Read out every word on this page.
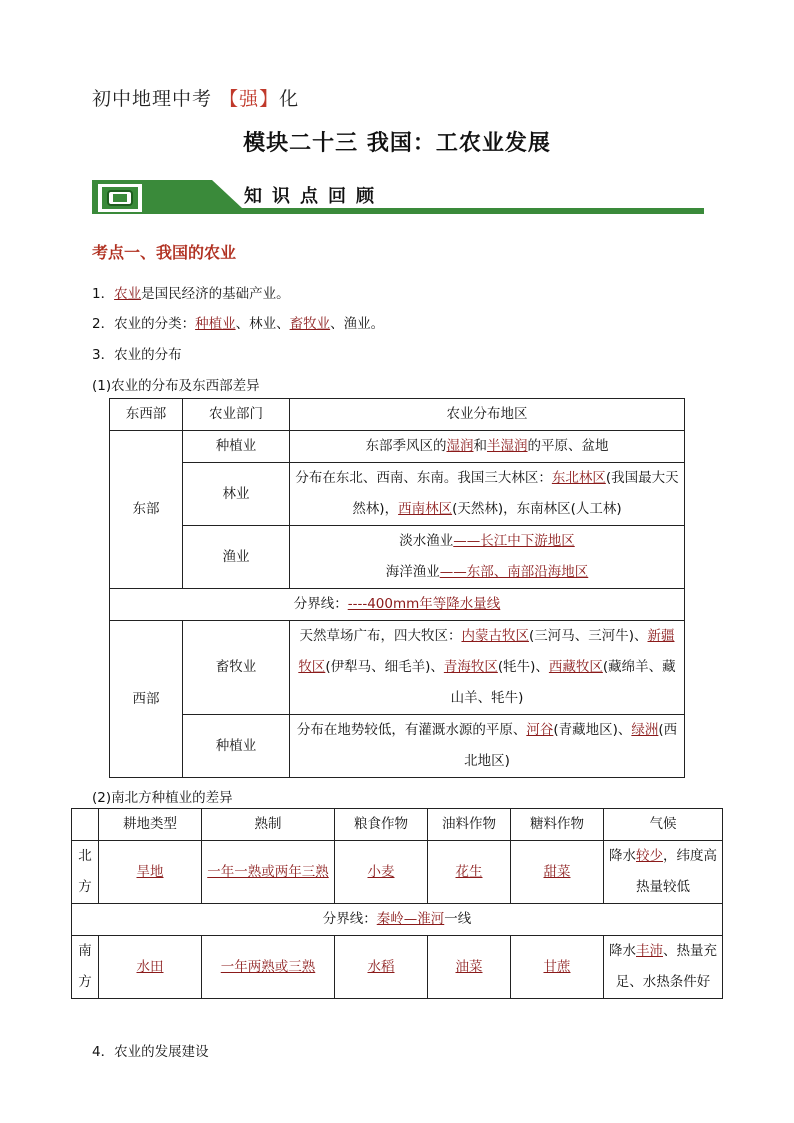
初中地理中考 【强】化
模块二十三 我国：工农业发展
知识点回顾
考点一、我国的农业
1．农业是国民经济的基础产业。
2．农业的分类：种植业、林业、畜牧业、渔业。
3．农业的分布
(1)农业的分布及东西部差异
东西部	农业部门	农业分布地区
东部	种植业	东部季风区的湿润和半湿润的平原、盆地
	林业	分布在东北、西南、东南。我国三大林区：东北林区(我国最大天然林)，西南林区(天然林)，东南林区(人工林)
	渔业	淡水渔业——长江中下游地区
海洋渔业——东部、南部沿海地区
分界线：----400mm年等降水量线		
西部	畜牧业	天然草场广布，四大牧区：内蒙古牧区(三河马、三河牛)、新疆牧区(伊犁马、细毛羊)、青海牧区(牦牛)、西藏牧区(藏绵羊、藏山羊、牦牛)
	种植业	分布在地势较低，有灌溉水源的平原、河谷(青藏地区)、绿洲(西北地区)
(2)南北方种植业的差异
	耕地类型	熟制	粮食作物	油料作物	糖料作物	气候
北方	旱地	一年一熟或两年三熟	小麦	花生	甜菜	降水较少，纬度高热量较低
分界线：秦岭—淮河一线						
南方	水田	一年两熟或三熟	水稻	油菜	甘蔗	降水丰沛、热量充足、水热条件好
4．农业的发展建设
